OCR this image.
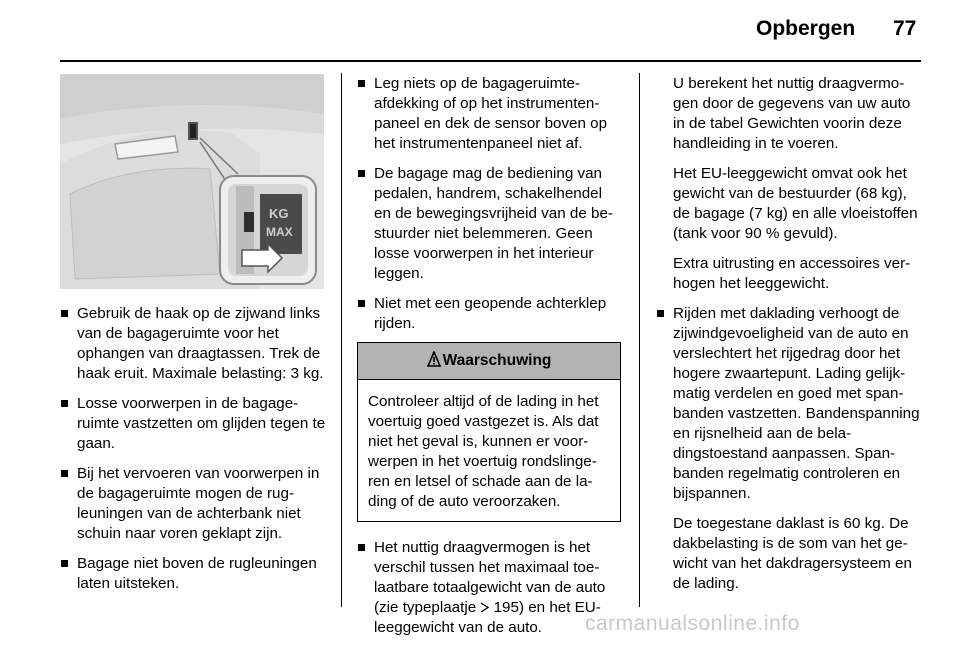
Opbergen 77
KG
MAX
Gebruik de haak op de zijwand links van de bagageruimte voor het ophangen van draagtassen. Trek de haak eruit. Maximale belasting: 3 kg.
Losse voorwerpen in de bagageruimte vastzetten om glijden tegen te gaan.
Bij het vervoeren van voorwerpen in de bagageruimte mogen de rugleuningen van de achterbank niet schuin naar voren geklapt zijn.
Bagage niet boven de rugleuningen laten uitsteken.
Leg niets op de bagageruimteafdekking of op het instrumentenpaneel en dek de sensor boven op het instrumentenpaneel niet af.
De bagage mag de bediening van pedalen, handrem, schakelhendel en de bewegingsvrijheid van de bestuurder niet belemmeren. Geen losse voorwerpen in het interieur leggen.
Niet met een geopende achterklep rijden.
Waarschuwing
Controleer altijd of de lading in het voertuig goed vastgezet is. Als dat niet het geval is, kunnen er voorwerpen in het voertuig rondslingeren en letsel of schade aan de lading of de auto veroorzaken.
Het nuttig draagvermogen is het verschil tussen het maximaal toelaatbare totaalgewicht van de auto (zie typeplaatje  195) en het EU-leeggewicht van de auto.

U berekent het nuttig draagvermogen door de gegevens van uw auto in de tabel Gewichten voorin deze handleiding in te voeren.

Het EU-leeggewicht omvat ook het gewicht van de bestuurder (68 kg), de bagage (7 kg) en alle vloeistoffen (tank voor 90 % gevuld).

Extra uitrusting en accessoires verhogen het leeggewicht.

Rijden met daklading verhoogt de zijwindgevoeligheid van de auto en verslechtert het rijgedrag door het hogere zwaartepunt. Lading gelijkmatig verdelen en goed met spanbanden vastzetten. Bandenspanning en rijsnelheid aan de beladingstoestand aanpassen. Spanbanden regelmatig controleren en bijspannen.

De toegestane daklast is 60 kg. De dakbelasting is de som van het gewicht van het dakdragersysteem en de lading.

carmanualsonline.info
